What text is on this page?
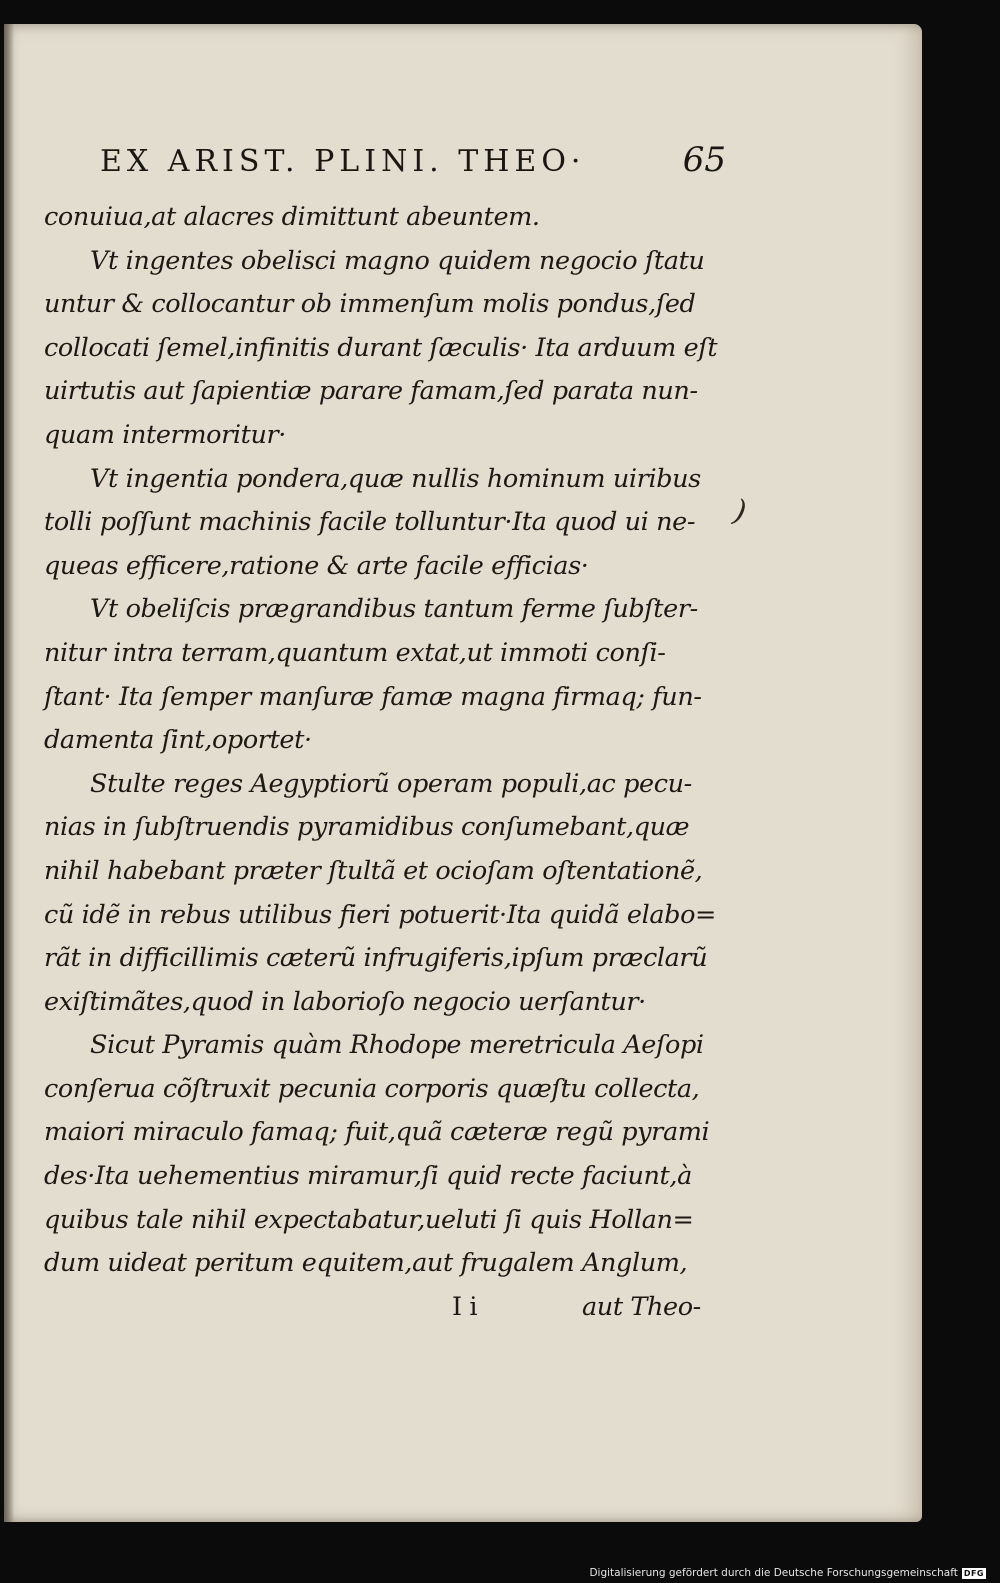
EX ARIST. PLINI. THEO·	65
conuiua,at alacres dimittunt abeuntem.
Vt ingentes obelisci magno quidem negocio ſtatu
untur & collocantur ob immenſum molis pondus,ſed
collocati ſemel,infinitis durant ſæculis· Ita arduum eſt
uirtutis aut ſapientiæ parare famam,ſed parata nun-
quam intermoritur·
Vt ingentia pondera,quæ nullis hominum uiribus
tolli poſſunt machinis facile tolluntur·Ita quod ui ne-
queas efficere,ratione & arte facile efficias·
Vt obeliſcis prægrandibus tantum ferme ſubſter-
nitur intra terram,quantum extat,ut immoti conſi-
ſtant· Ita ſemper manſuræ famæ magna firmaq; fun-
damenta ſint,oportet·
Stulte reges Aegyptiorũ operam populi,ac pecu-
nias in ſubſtruendis pyramidibus conſumebant,quæ
nihil habebant præter ſtultã et ocioſam oſtentationẽ,
cũ idẽ in rebus utilibus fieri potuerit·Ita quidã elabo=
rãt in difficillimis cæterũ infrugiferis,ipſum præclarũ
exiſtimãtes,quod in laborioſo negocio uerſantur·
Sicut Pyramis quàm Rhodope meretricula Aeſopi
conſerua cõſtruxit pecunia corporis quæſtu collecta,
maiori miraculo famaq; fuit,quã cæteræ regũ pyrami
des·Ita uehementius miramur,ſi quid recte faciunt,à
quibus tale nihil expectabatur,ueluti ſi quis Hollan=
dum uideat peritum equitem,aut frugalem Anglum,
I i	aut Theo-
)
Digitalisierung gefördert durch die Deutsche Forschungsgemeinschaft DFG
